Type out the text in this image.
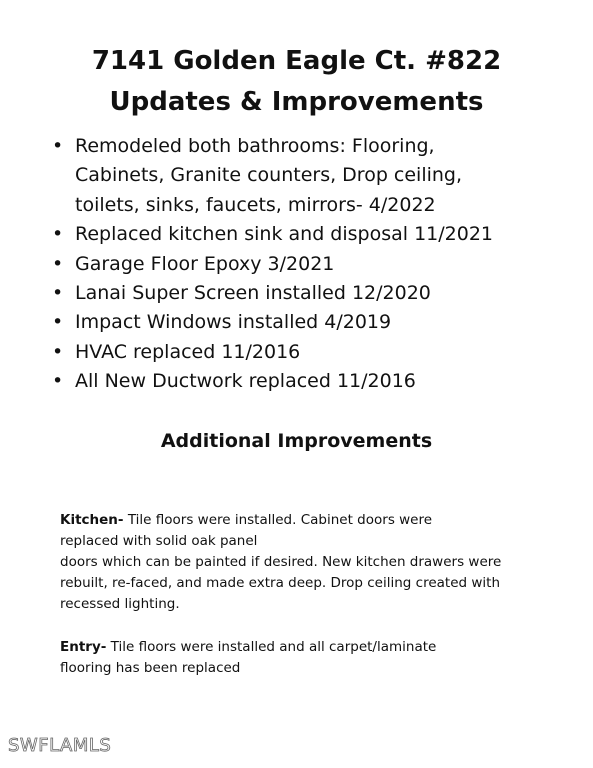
7141 Golden Eagle Ct. #822
Updates & Improvements
• Remodeled both bathrooms: Flooring,
Cabinets, Granite counters, Drop ceiling,
toilets, sinks, faucets, mirrors- 4/2022
• Replaced kitchen sink and disposal 11/2021
• Garage Floor Epoxy 3/2021
• Lanai Super Screen installed 12/2020
• Impact Windows installed 4/2019
• HVAC replaced 11/2016
• All New Ductwork replaced 11/2016
Additional Improvements

Kitchen- Tile floors were installed. Cabinet doors were
replaced with solid oak panel
doors which can be painted if desired. New kitchen drawers were
rebuilt, re-faced, and made extra deep. Drop ceiling created with
recessed lighting.

Entry- Tile floors were installed and all carpet/laminate
flooring has been replaced

SWFLAMLS
